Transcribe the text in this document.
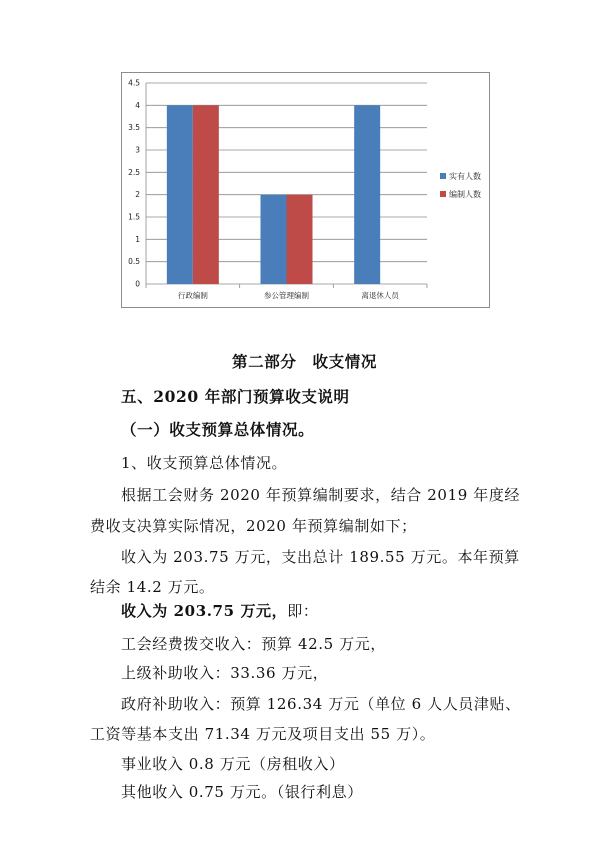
0
0.5
1
1.5
2
2.5
3
3.5
4
4.5
行政编制	参公管理编制	离退休人员
实有人数
编制人数
第二部分　收支情况
五、2020 年部门预算收支说明
（一）收支预算总体情况。
1、收支预算总体情况。
根据工会财务 2020 年预算编制要求，结合 2019 年度经
费收支决算实际情况，2020 年预算编制如下；
收入为 203.75 万元，支出总计 189.55 万元。本年预算
结余 14.2 万元。
收入为 203.75 万元，即：
工会经费拨交收入：预算 42.5 万元，
上级补助收入：33.36 万元，
政府补助收入：预算 126.34 万元（单位 6 人人员津贴、
工资等基本支出 71.34 万元及项目支出 55 万）。
事业收入 0.8 万元（房租收入）
其他收入 0.75 万元。（银行利息）
